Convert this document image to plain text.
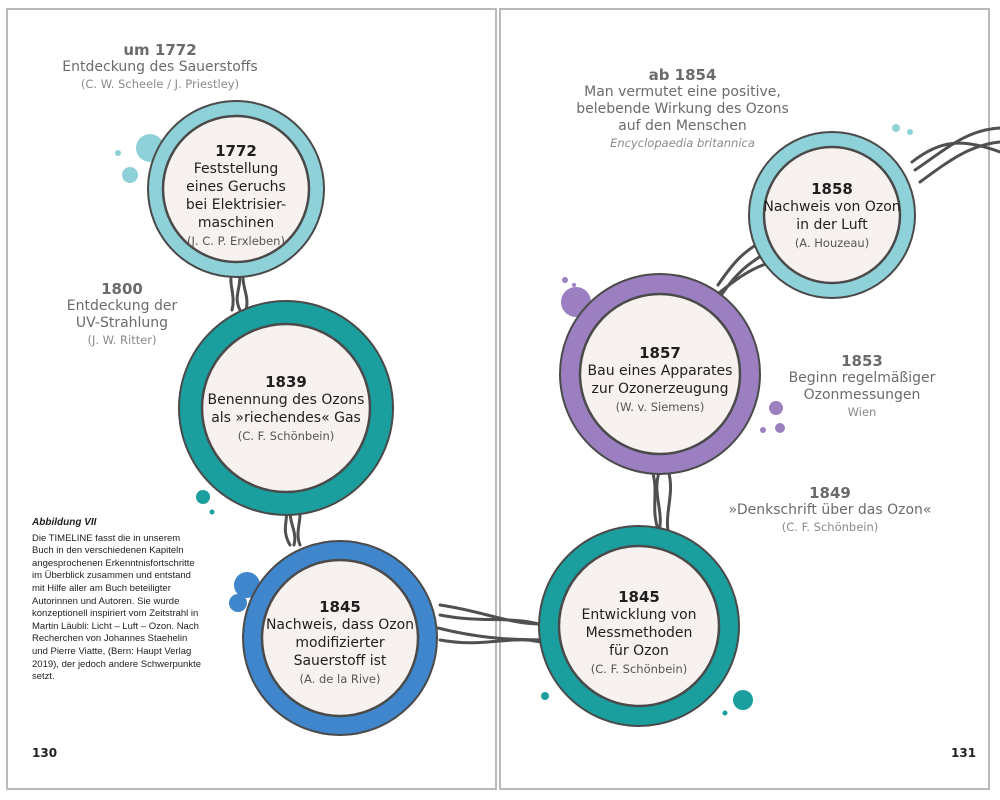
1772
Feststellung
eines Geruchs
bei Elektrisier-
maschinen
(J. C. P. Erxleben)
1839
Benennung des Ozons
als »riechendes« Gas
(C. F. Schönbein)
1845
Nachweis, dass Ozon
modifizierter
Sauerstoff ist
(A. de la Rive)
1857
Bau eines Apparates
zur Ozonerzeugung
(W. v. Siemens)
1858
Nachweis von Ozon
in der Luft
(A. Houzeau)
1845
Entwicklung von
Messmethoden
für Ozon
(C. F. Schönbein)
um 1772
Entdeckung des Sauerstoffs
(C. W. Scheele / J. Priestley)
1800
Entdeckung der
UV-Strahlung
(J. W. Ritter)
ab 1854
Man vermutet eine positive,
belebende Wirkung des Ozons
auf den Menschen
Encyclopaedia britannica
1853
Beginn regelmäßiger
Ozonmessungen
Wien
1849
»Denkschrift über das Ozon«
(C. F. Schönbein)
Abbildung VII
Die TIMELINE fasst die in unserem Buch in den verschiedenen Kapiteln angesprochenen Erkenntnisfortschritte im Überblick zusammen und entstand mit Hilfe aller am Buch beteiligter Autorinnen und Autoren. Sie wurde konzeptionell inspiriert vom Zeitstrahl in Martin Läubli: Licht – Luft – Ozon. Nach Recherchen von Johannes Staehelin und Pierre Viatte, (Bern: Haupt Verlag 2019), der jedoch andere Schwerpunkte setzt.
130	131
